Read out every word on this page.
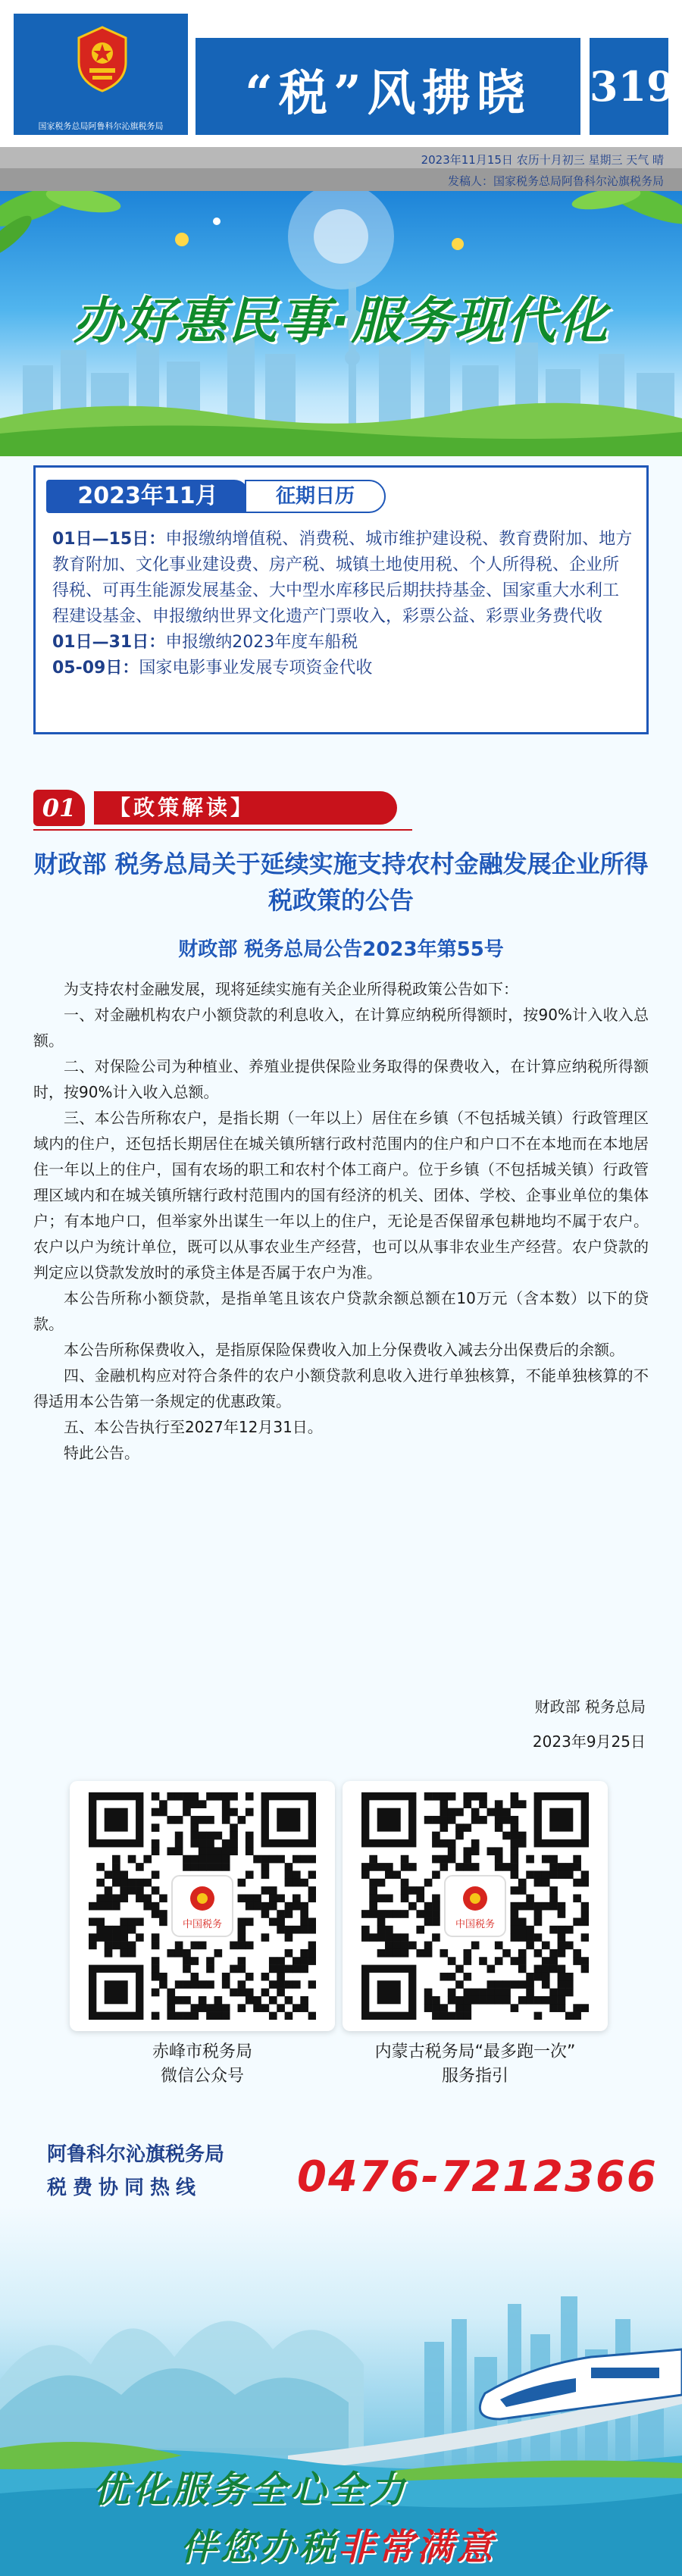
国家税务总局阿鲁科尔沁旗税务局
“税”风拂晓	319
2023年11月15日 农历十月初三 星期三 天气 晴
发稿人：国家税务总局阿鲁科尔沁旗税务局
办好惠民事·服务现代化
2023年11月	征期日历
01日—15日：申报缴纳增值税、消费税、城市维护建设税、教育费附加、地方教育附加、文化事业建设费、房产税、城镇土地使用税、个人所得税、企业所得税、可再生能源发展基金、大中型水库移民后期扶持基金、国家重大水利工程建设基金、申报缴纳世界文化遗产门票收入，彩票公益、彩票业务费代收
01日—31日：申报缴纳2023年度车船税
05-09日：国家电影事业发展专项资金代收
01	【政策解读】
财政部 税务总局关于延续实施支持农村金融发展企业所得税政策的公告
财政部 税务总局公告2023年第55号

为支持农村金融发展，现将延续实施有关企业所得税政策公告如下：

一、对金融机构农户小额贷款的利息收入，在计算应纳税所得额时，按90%计入收入总额。

二、对保险公司为种植业、养殖业提供保险业务取得的保费收入，在计算应纳税所得额时，按90%计入收入总额。

三、本公告所称农户，是指长期（一年以上）居住在乡镇（不包括城关镇）行政管理区域内的住户，还包括长期居住在城关镇所辖行政村范围内的住户和户口不在本地而在本地居住一年以上的住户，国有农场的职工和农村个体工商户。位于乡镇（不包括城关镇）行政管理区域内和在城关镇所辖行政村范围内的国有经济的机关、团体、学校、企事业单位的集体户；有本地户口，但举家外出谋生一年以上的住户，无论是否保留承包耕地均不属于农户。农户以户为统计单位，既可以从事农业生产经营，也可以从事非农业生产经营。农户贷款的判定应以贷款发放时的承贷主体是否属于农户为准。

本公告所称小额贷款，是指单笔且该农户贷款余额总额在10万元（含本数）以下的贷款。

本公告所称保费收入，是指原保险保费收入加上分保费收入减去分出保费后的余额。

四、金融机构应对符合条件的农户小额贷款利息收入进行单独核算，不能单独核算的不得适用本公告第一条规定的优惠政策。

五、本公告执行至2027年12月31日。

特此公告。

财政部 税务总局
2023年9月25日
中国税务	中国税务
赤峰市税务局
微信公众号
内蒙古税务局“最多跑一次”
服务指引
阿鲁科尔沁旗税务局
税费协同热线 0476-7212366
优化服务全心全力
伴您办税非常满意
